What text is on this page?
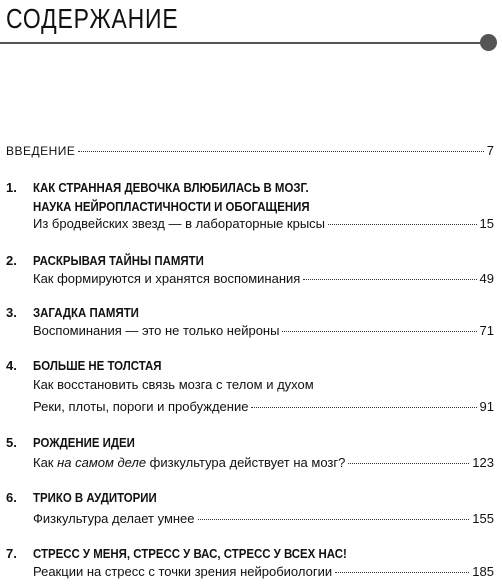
СОДЕРЖАНИЕ
ВВЕДЕНИЕ	7
1. КАК СТРАННАЯ ДЕВОЧКА ВЛЮБИЛАСЬ В МОЗГ.
НАУКА НЕЙРОПЛАСТИЧНОСТИ И ОБОГАЩЕНИЯ
Из бродвейских звезд — в лабораторные крысы	15
2. РАСКРЫВАЯ ТАЙНЫ ПАМЯТИ
Как формируются и хранятся воспоминания	49
3. ЗАГАДКА ПАМЯТИ
Воспоминания — это не только нейроны	71
4. БОЛЬШЕ НЕ ТОЛСТАЯ
Как восстановить связь мозга с телом и духом
Реки, плоты, пороги и пробуждение	91
5. РОЖДЕНИЕ ИДЕИ
Как на самом деле физкультура действует на мозг?	123
6. ТРИКО В АУДИТОРИИ
Физкультура делает умнее	155
7. СТРЕСС У МЕНЯ, СТРЕСС У ВАС, СТРЕСС У ВСЕХ НАС!
Реакции на стресс с точки зрения нейробиологии	185
